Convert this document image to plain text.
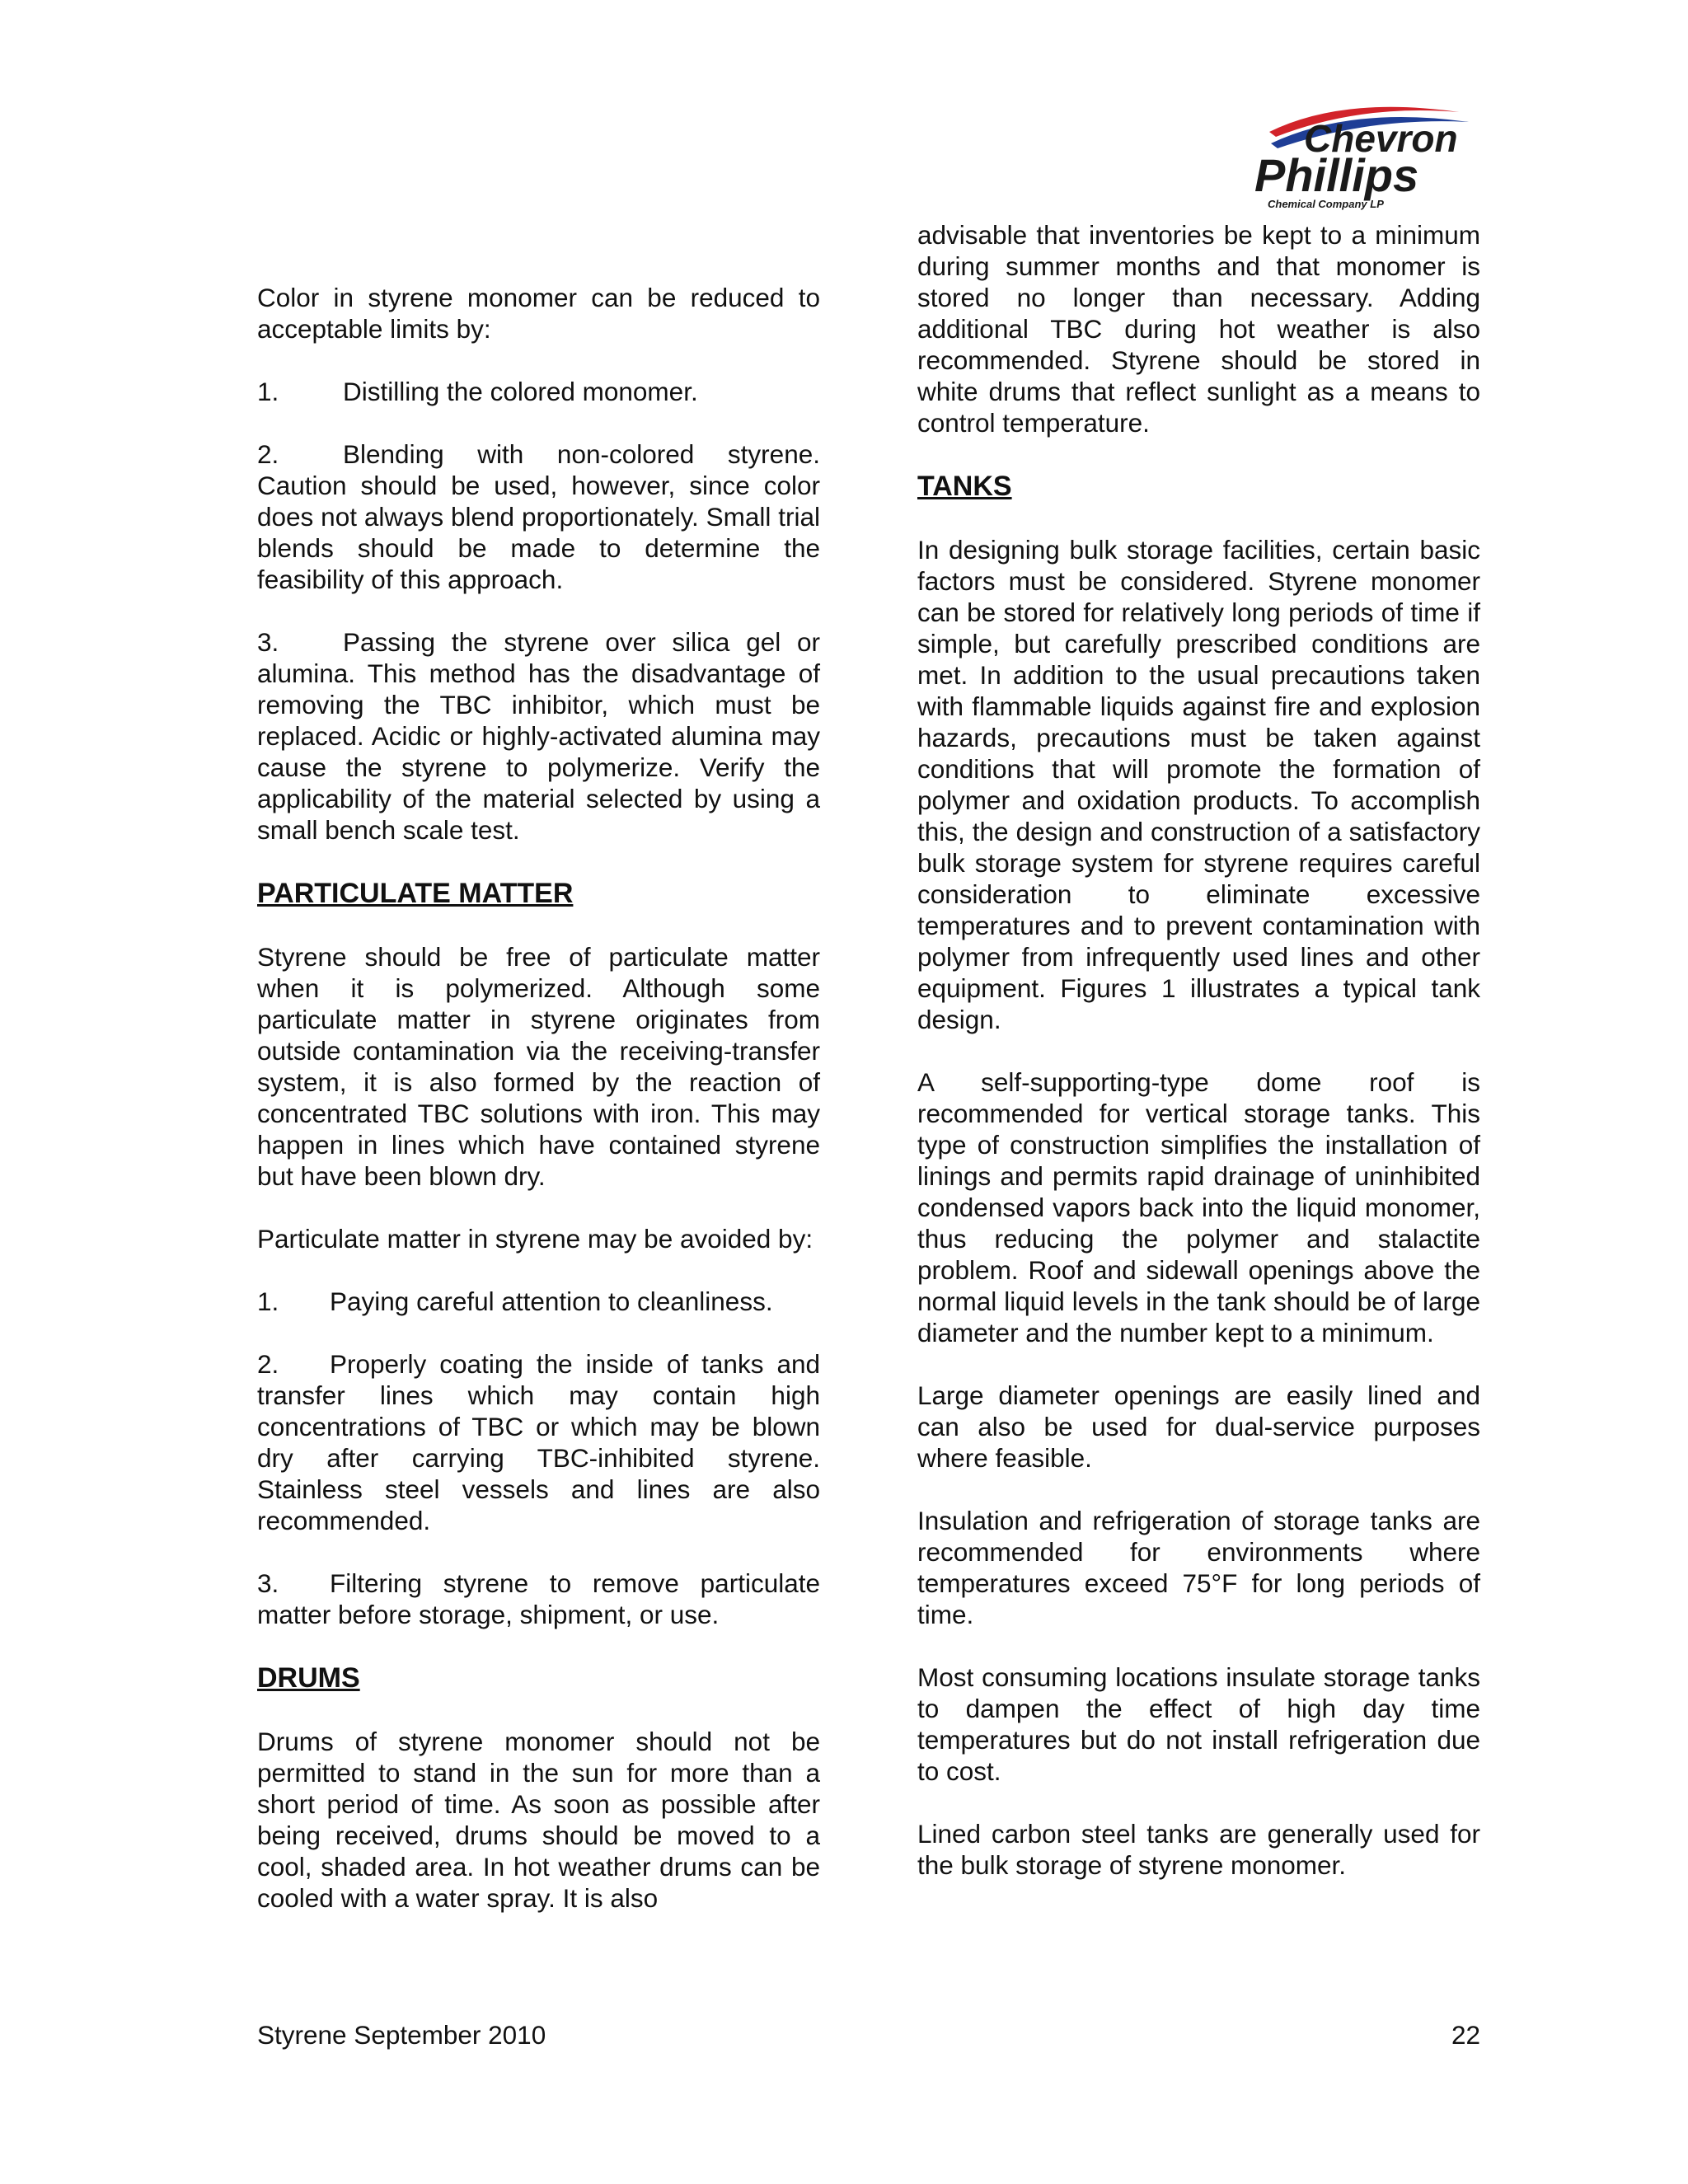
Chevron
Phillips
Chemical Company LP

Color in styrene monomer can be reduced to acceptable limits by:

1. Distilling the colored monomer.

2. Blending with non-colored styrene. Caution should be used, however, since color does not always blend proportionately. Small trial blends should be made to determine the feasibility of this approach.

3. Passing the styrene over silica gel or alumina. This method has the disadvantage of removing the TBC inhibitor, which must be replaced. Acidic or highly-activated alumina may cause the styrene to polymerize. Verify the applicability of the material selected by using a small bench scale test.

PARTICULATE MATTER

Styrene should be free of particulate matter when it is polymerized. Although some particulate matter in styrene originates from outside contamination via the receiving-transfer system, it is also formed by the reaction of concentrated TBC solutions with iron. This may happen in lines which have contained styrene but have been blown dry.

Particulate matter in styrene may be avoided by:

1. Paying careful attention to cleanliness.

2. Properly coating the inside of tanks and transfer lines which may contain high concentrations of TBC or which may be blown dry after carrying TBC-inhibited styrene. Stainless steel vessels and lines are also recommended.

3. Filtering styrene to remove particulate matter before storage, shipment, or use.

DRUMS

Drums of styrene monomer should not be permitted to stand in the sun for more than a short period of time. As soon as possible after being received, drums should be moved to a cool, shaded area. In hot weather drums can be cooled with a water spray. It is also

advisable that inventories be kept to a minimum during summer months and that monomer is stored no longer than necessary. Adding additional TBC during hot weather is also recommended. Styrene should be stored in white drums that reflect sunlight as a means to control temperature.

TANKS

In designing bulk storage facilities, certain basic factors must be considered. Styrene monomer can be stored for relatively long periods of time if simple, but carefully prescribed conditions are met. In addition to the usual precautions taken with flammable liquids against fire and explosion hazards, precautions must be taken against conditions that will promote the formation of polymer and oxidation products. To accomplish this, the design and construction of a satisfactory bulk storage system for styrene requires careful consideration to eliminate excessive temperatures and to prevent contamination with polymer from infrequently used lines and other equipment. Figures 1 illustrates a typical tank design.

A self-supporting-type dome roof is recommended for vertical storage tanks. This type of construction simplifies the installation of linings and permits rapid drainage of uninhibited condensed vapors back into the liquid monomer, thus reducing the polymer and stalactite problem. Roof and sidewall openings above the normal liquid levels in the tank should be of large diameter and the number kept to a minimum.

Large diameter openings are easily lined and can also be used for dual-service purposes where feasible.

Insulation and refrigeration of storage tanks are recommended for environments where temperatures exceed 75°F for long periods of time.

Most consuming locations insulate storage tanks to dampen the effect of high day time temperatures but do not install refrigeration due to cost.

Lined carbon steel tanks are generally used for the bulk storage of styrene monomer.

Styrene September 2010	22
